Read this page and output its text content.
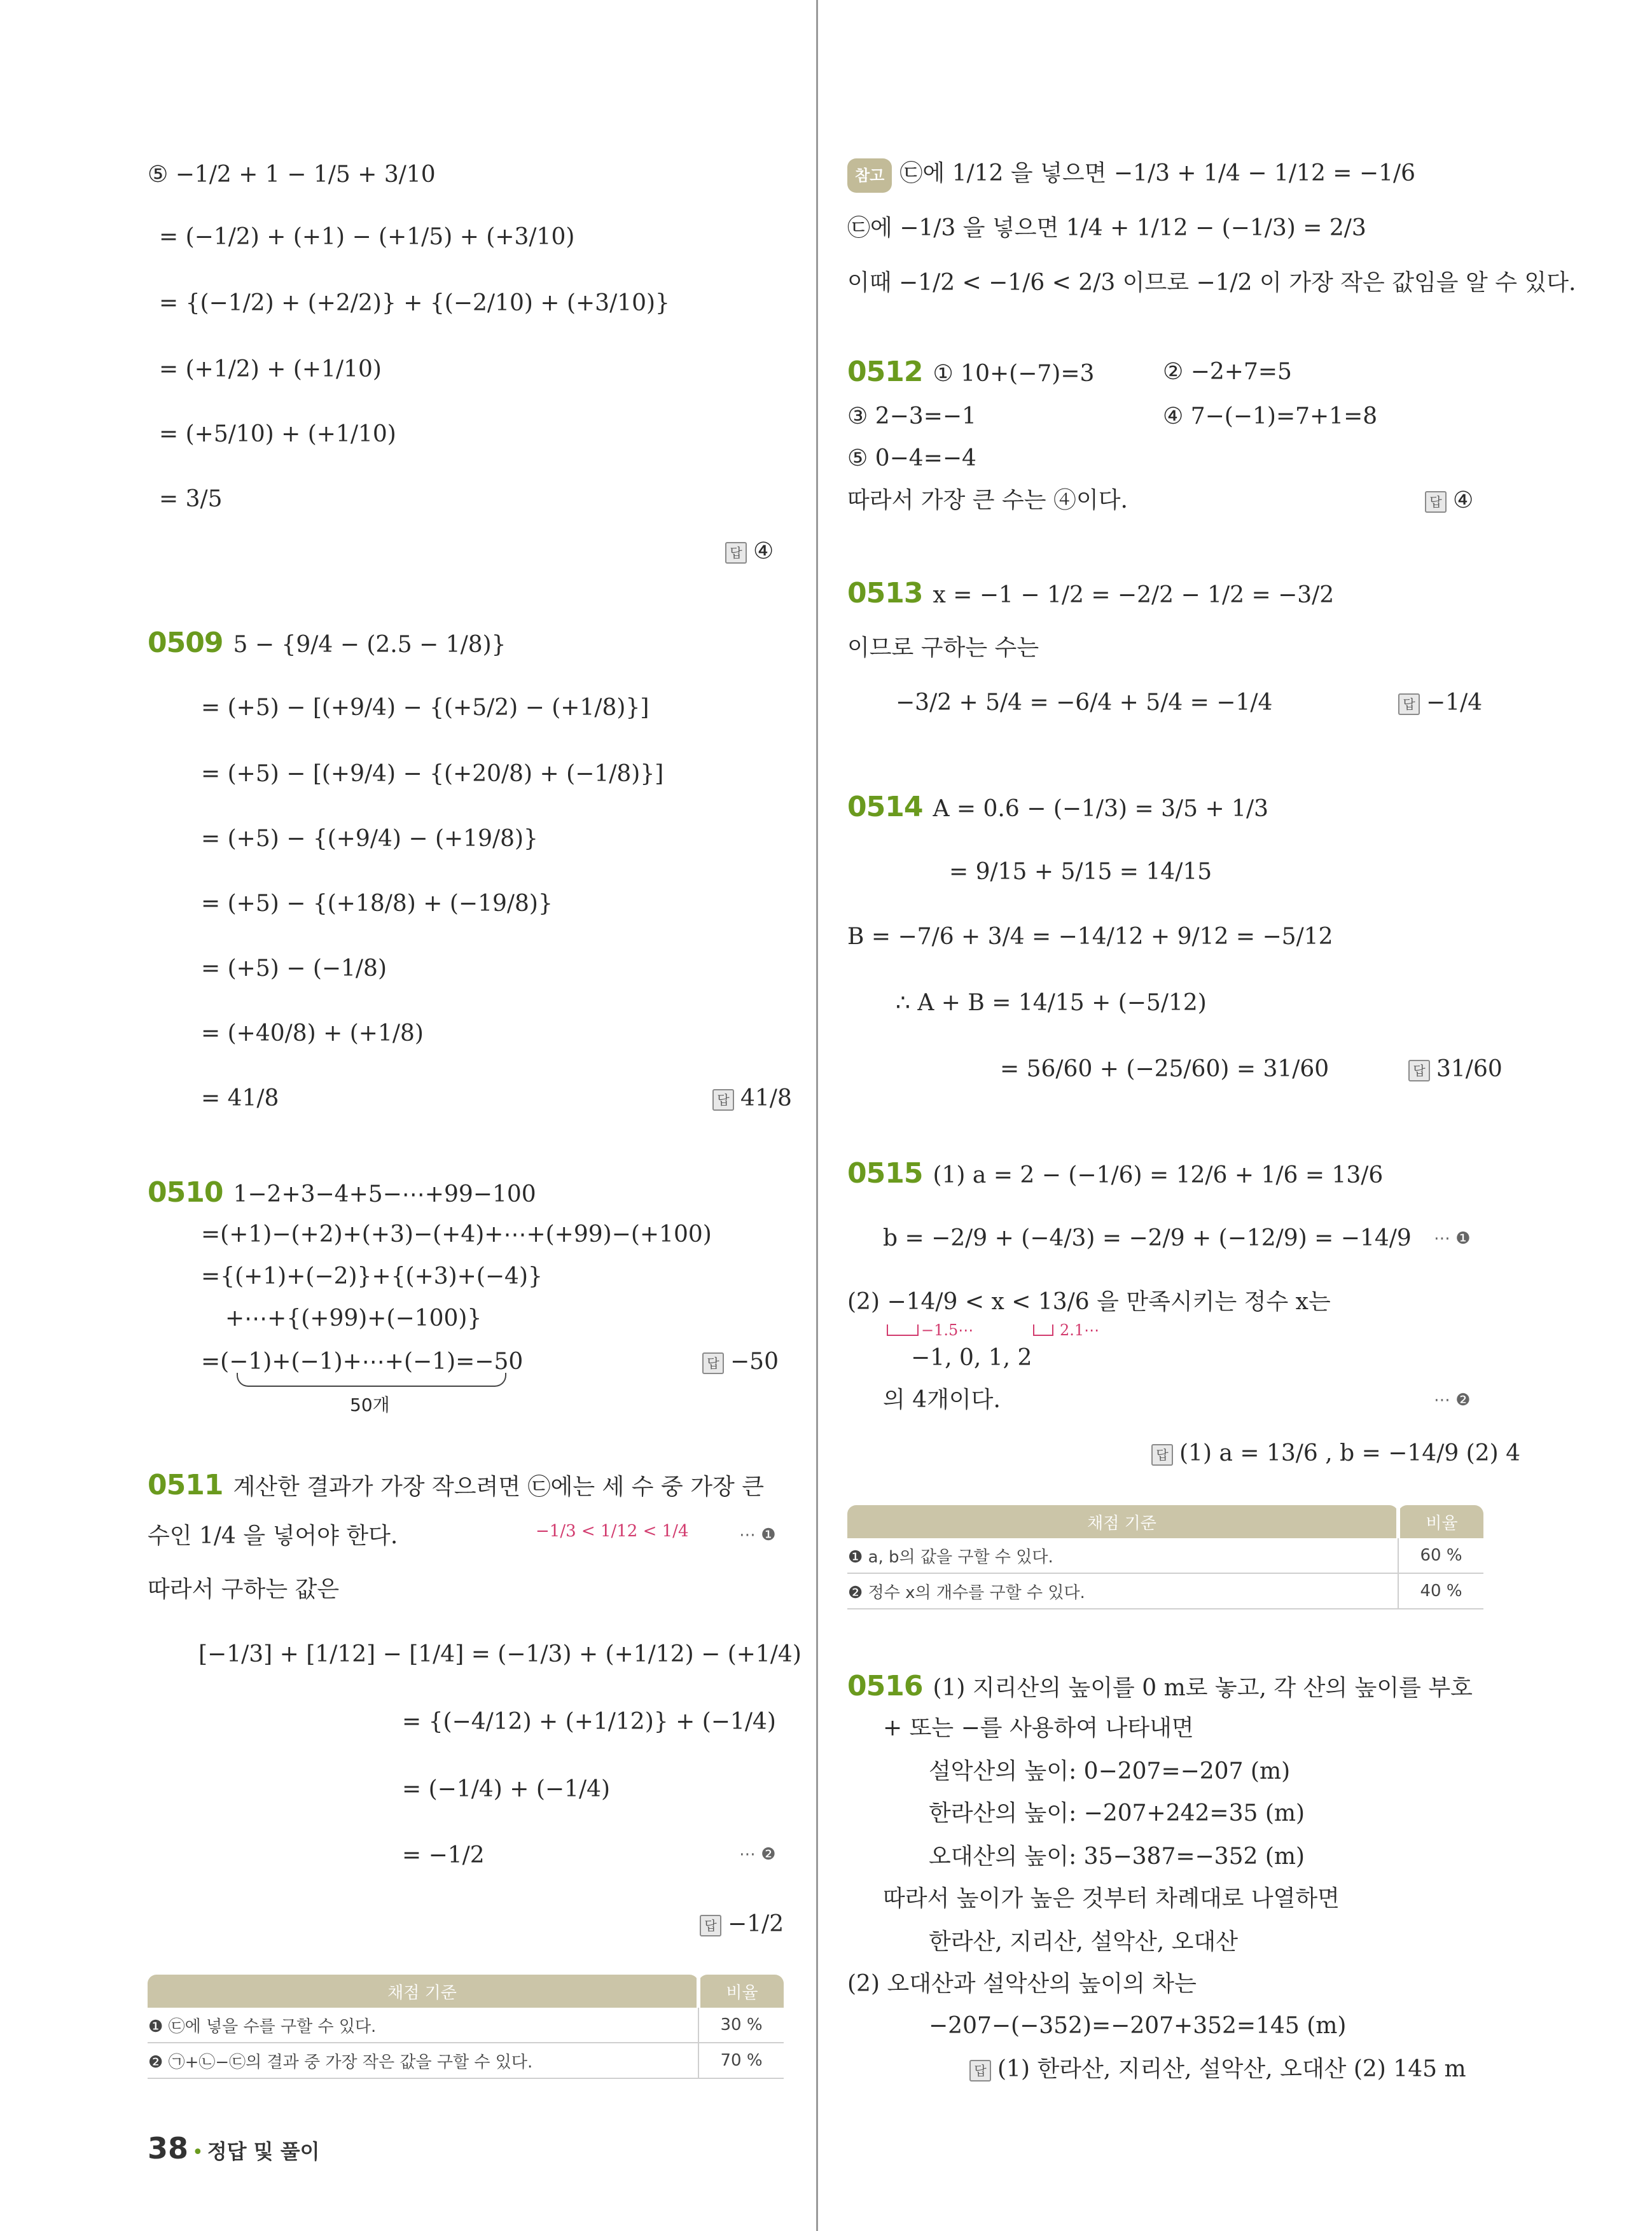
⑤ −1/2 + 1 − 1/5 + 3/10
= (−1/2) + (+1) − (+1/5) + (+3/10)
= {(−1/2) + (+2/2)} + {(−2/10) + (+3/10)}
= (+1/2) + (+1/10)
= (+5/10) + (+1/10)
= 3/5
답 ④
0509 5 − {9/4 − (2.5 − 1/8)}
= (+5) − [(+9/4) − {(+5/2) − (+1/8)}]
= (+5) − [(+9/4) − {(+20/8) + (−1/8)}]
= (+5) − {(+9/4) − (+19/8)}
= (+5) − {(+18/8) + (−19/8)}
= (+5) − (−1/8)
= (+40/8) + (+1/8)
= 41/8	답 41/8
0510 1−2+3−4+5−⋯+99−100
=(+1)−(+2)+(+3)−(+4)+⋯+(+99)−(+100)
={(+1)+(−2)}+{(+3)+(−4)}
+⋯+{(+99)+(−100)}
=(−1)+(−1)+⋯+(−1)=−50
50개
답 −50
0511 계산한 결과가 가장 작으려면 ㉢에는 세 수 중 가장 큰
수인 1/4 을 넣어야 한다.	−1/3 < 1/12 < 1/4	⋯ ❶
따라서 구하는 값은
[−1/3] + [1/12] − [1/4] = (−1/3) + (+1/12) − (+1/4)
= {(−4/12) + (+1/12)} + (−1/4)
= (−1/4) + (−1/4)
= −1/2	⋯ ❷
답 −1/2
채점 기준	비율
❶ ㉢에 넣을 수를 구할 수 있다.	30 %
❷ ㉠+㉡−㉢의 결과 중 가장 작은 값을 구할 수 있다.	70 %
참고 ㉢에 1/12 을 넣으면 −1/3 + 1/4 − 1/12 = −1/6
㉢에 −1/3 을 넣으면 1/4 + 1/12 − (−1/3) = 2/3
이때 −1/2 < −1/6 < 2/3 이므로 −1/2 이 가장 작은 값임을 알 수 있다.
0512 ① 10+(−7)=3	② −2+7=5
③ 2−3=−1	④ 7−(−1)=7+1=8
⑤ 0−4=−4
따라서 가장 큰 수는 ④이다.	답 ④
0513 x = −1 − 1/2 = −2/2 − 1/2 = −3/2
이므로 구하는 수는
−3/2 + 5/4 = −6/4 + 5/4 = −1/4	답 −1/4
0514 A = 0.6 − (−1/3) = 3/5 + 1/3
= 9/15 + 5/15 = 14/15
B = −7/6 + 3/4 = −14/12 + 9/12 = −5/12
∴ A + B = 14/15 + (−5/12)
= 56/60 + (−25/60) = 31/60	답 31/60
0515 (1) a = 2 − (−1/6) = 12/6 + 1/6 = 13/6
b = −2/9 + (−4/3) = −2/9 + (−12/9) = −14/9 ⋯ ❶
(2) −14/9 < x < 13/6 을 만족시키는 정수 x는
−1.5⋯	2.1⋯
−1, 0, 1, 2
의 4개이다.	⋯ ❷
답 (1) a = 13/6 , b = −14/9 (2) 4
채점 기준	비율
❶ a, b의 값을 구할 수 있다.	60 %
❷ 정수 x의 개수를 구할 수 있다.	40 %
0516 (1) 지리산의 높이를 0 m로 놓고, 각 산의 높이를 부호
+ 또는 −를 사용하여 나타내면
설악산의 높이: 0−207=−207 (m)
한라산의 높이: −207+242=35 (m)
오대산의 높이: 35−387=−352 (m)
따라서 높이가 높은 것부터 차례대로 나열하면
한라산, 지리산, 설악산, 오대산
(2) 오대산과 설악산의 높이의 차는
−207−(−352)=−207+352=145 (m)
답 (1) 한라산, 지리산, 설악산, 오대산 (2) 145 m
38 • 정답 및 풀이
